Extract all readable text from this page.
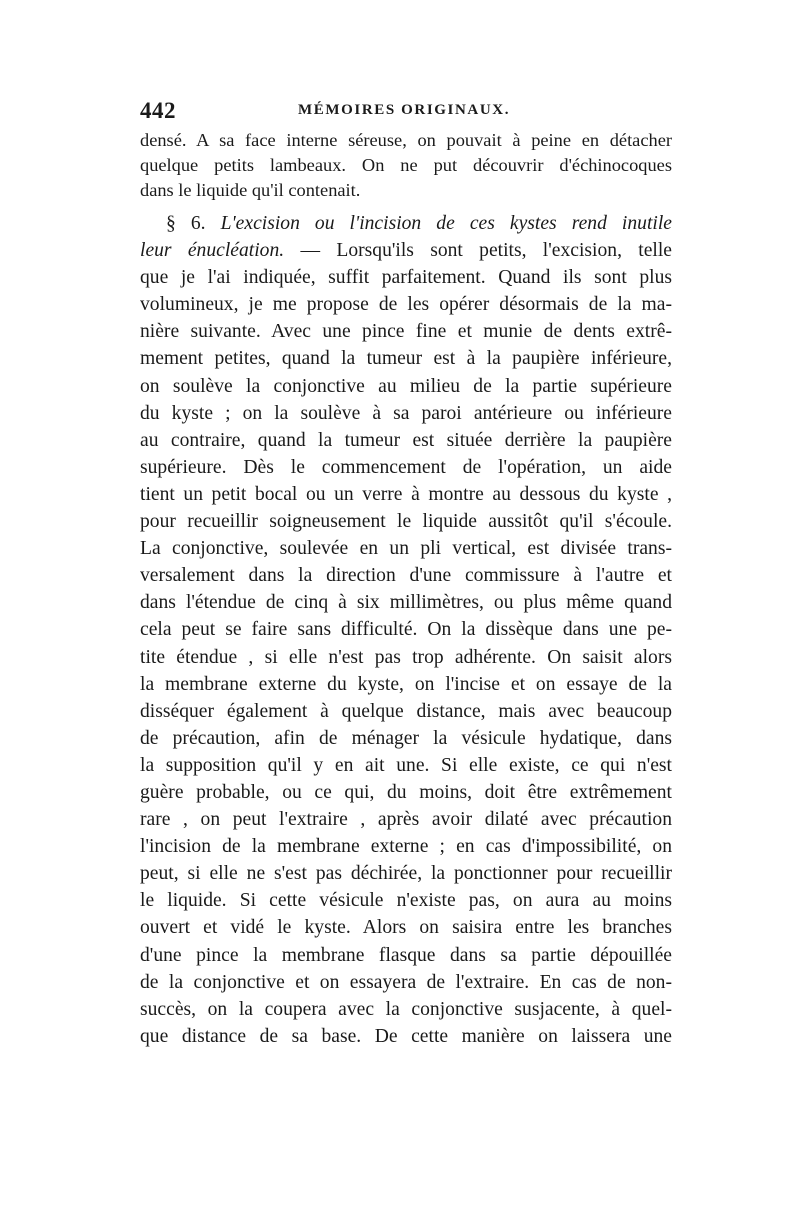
442	MÉMOIRES ORIGINAUX.
densé. A sa face interne séreuse, on pouvait à peine en détacher
quelque petits lambeaux. On ne put découvrir d'échinocoques
dans le liquide qu'il contenait.
§ 6. L'excision ou l'incision de ces kystes rend inutile
leur énucléation. — Lorsqu'ils sont petits, l'excision, telle
que je l'ai indiquée, suffit parfaitement. Quand ils sont plus
volumineux, je me propose de les opérer désormais de la ma-
nière suivante. Avec une pince fine et munie de dents extrê-
mement petites, quand la tumeur est à la paupière inférieure,
on soulève la conjonctive au milieu de la partie supérieure
du kyste ; on la soulève à sa paroi antérieure ou inférieure
au contraire, quand la tumeur est située derrière la paupière
supérieure. Dès le commencement de l'opération, un aide
tient un petit bocal ou un verre à montre au dessous du kyste ,
pour recueillir soigneusement le liquide aussitôt qu'il s'écoule.
La conjonctive, soulevée en un pli vertical, est divisée trans-
versalement dans la direction d'une commissure à l'autre et
dans l'étendue de cinq à six millimètres, ou plus même quand
cela peut se faire sans difficulté. On la dissèque dans une pe-
tite étendue , si elle n'est pas trop adhérente. On saisit alors
la membrane externe du kyste, on l'incise et on essaye de la
disséquer également à quelque distance, mais avec beaucoup
de précaution, afin de ménager la vésicule hydatique, dans
la supposition qu'il y en ait une. Si elle existe, ce qui n'est
guère probable, ou ce qui, du moins, doit être extrêmement
rare , on peut l'extraire , après avoir dilaté avec précaution
l'incision de la membrane externe ; en cas d'impossibilité, on
peut, si elle ne s'est pas déchirée, la ponctionner pour recueillir
le liquide. Si cette vésicule n'existe pas, on aura au moins
ouvert et vidé le kyste. Alors on saisira entre les branches
d'une pince la membrane flasque dans sa partie dépouillée
de la conjonctive et on essayera de l'extraire. En cas de non-
succès, on la coupera avec la conjonctive susjacente, à quel-
que distance de sa base. De cette manière on laissera une
